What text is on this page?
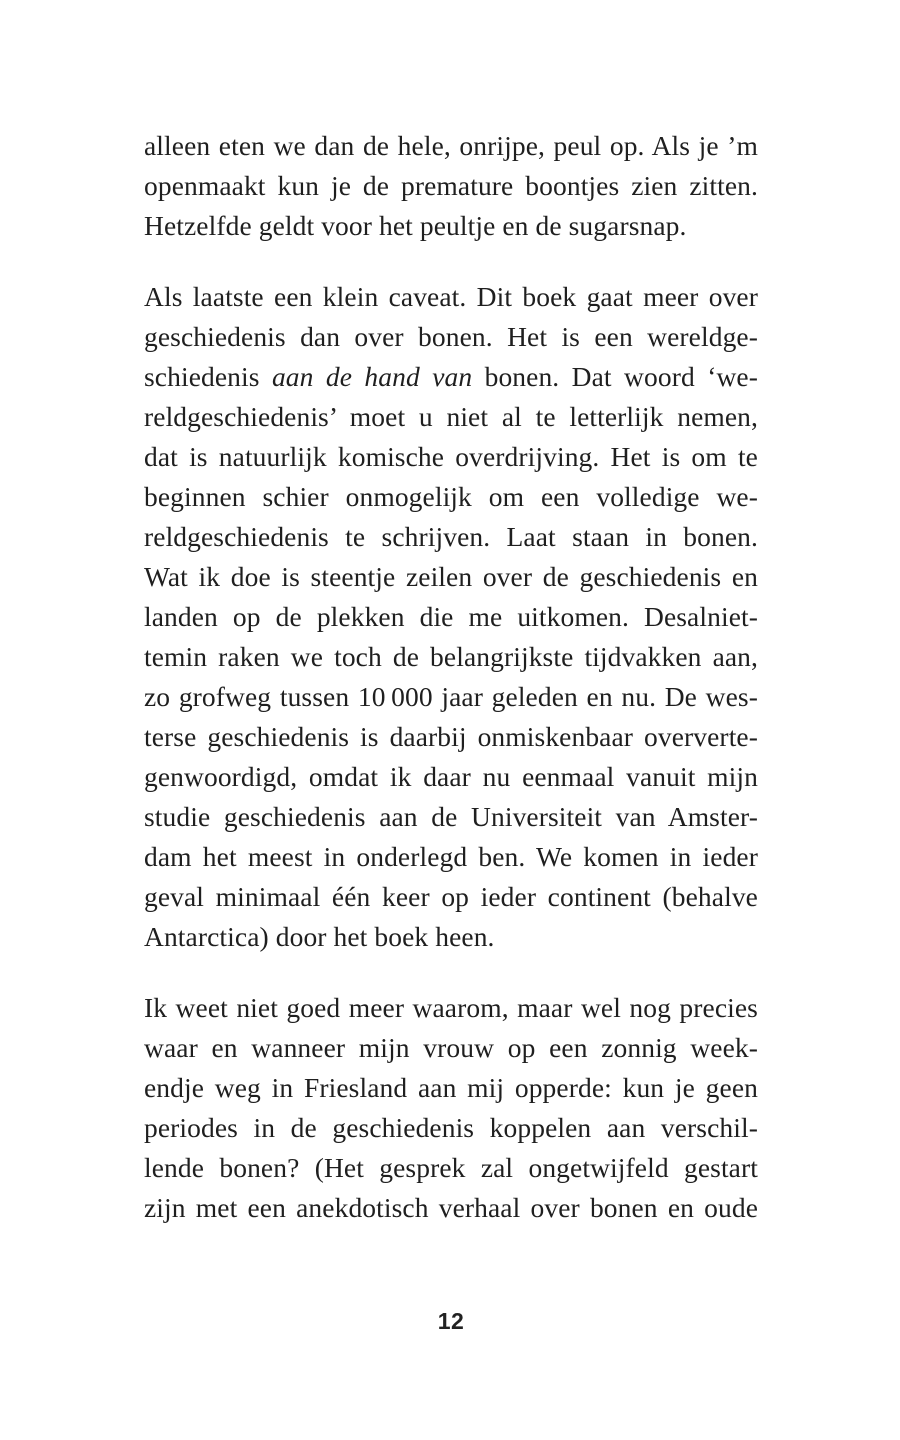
alleen eten we dan de hele, onrijpe, peul op. Als je ’m
openmaakt kun je de premature boontjes zien zitten.
Hetzelfde geldt voor het peultje en de sugarsnap.

Als laatste een klein caveat. Dit boek gaat meer over
geschiedenis dan over bonen. Het is een wereldge-
schiedenis aan de hand van bonen. Dat woord ‘we-
reldgeschiedenis’ moet u niet al te letterlijk nemen,
dat is natuurlijk komische overdrijving. Het is om te
beginnen schier onmogelijk om een volledige we-
reldgeschiedenis te schrijven. Laat staan in bonen.
Wat ik doe is steentje zeilen over de geschiedenis en
landen op de plekken die me uitkomen. Desalniet-
temin raken we toch de belangrijkste tijdvakken aan,
zo grofweg tussen 10 000 jaar geleden en nu. De wes-
terse geschiedenis is daarbij onmiskenbaar oververte-
genwoordigd, omdat ik daar nu eenmaal vanuit mijn
studie geschiedenis aan de Universiteit van Amster-
dam het meest in onderlegd ben. We komen in ieder
geval minimaal één keer op ieder continent (behalve
Antarctica) door het boek heen.

Ik weet niet goed meer waarom, maar wel nog precies
waar en wanneer mijn vrouw op een zonnig week-
endje weg in Friesland aan mij opperde: kun je geen
periodes in de geschiedenis koppelen aan verschil-
lende bonen? (Het gesprek zal ongetwijfeld gestart
zijn met een anekdotisch verhaal over bonen en oude

12
